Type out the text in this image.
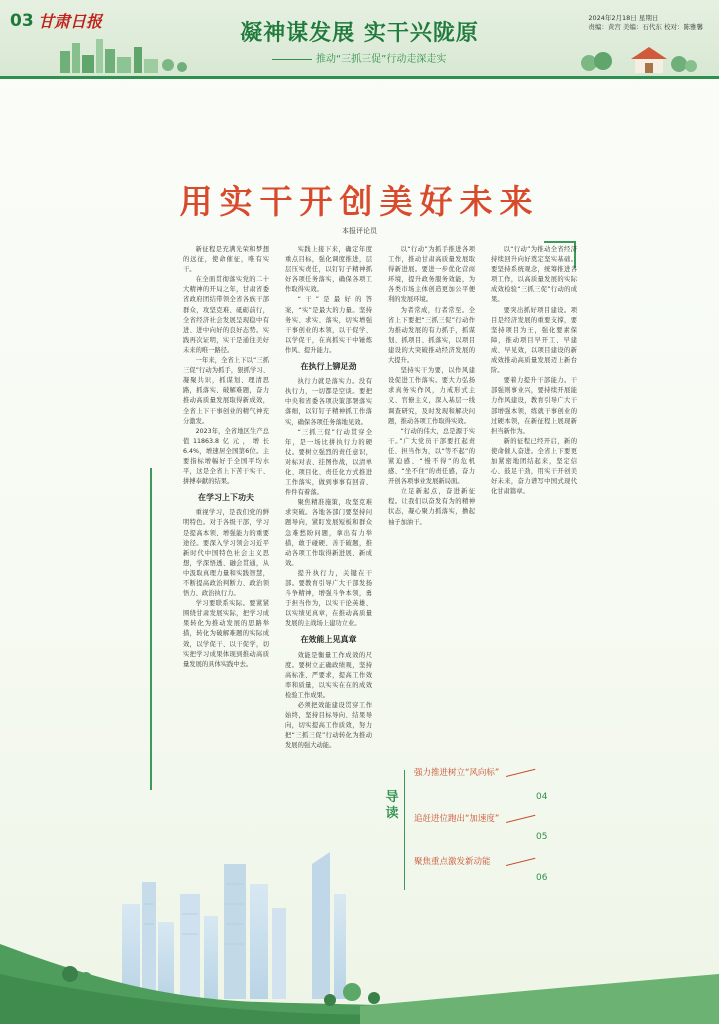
03 甘肃日报	凝神谋发展 实干兴陇原
推动“三抓三促”行动走深走实
2024年2月18日 星期日
责编：黄宫 美编：石代东 校对：陈雅馨
用实干开创美好未来
本报评论员

新征程是充满光荣和梦想的远征，使命催征，唯有实干。

在全面贯彻落实党的二十大精神的开局之年，甘肃省委省政府团结带领全省各族干部群众，攻坚克难、砥砺前行，全省经济社会发展呈现稳中有进、进中向好的良好态势。实践再次证明，实干是通往美好未来的唯一路径。

一年来，全省上下以“三抓三促”行动为抓手，狠抓学习、凝聚共识，抓谋划、理清思路，抓落实、破解难题，奋力推动高质量发展取得新成效，全省上下干事创业的精气神充分激发。

2023年，全省地区生产总值11863.8亿元，增长6.4%，增速居全国第6位。主要指标增幅好于全国平均水平，这是全省上下苦干实干、拼搏奉献的结果。

在学习上下功夫

重视学习，是我们党的鲜明特色。对于各级干部，学习是提高本领、增强能力的重要途径。要深入学习领会习近平新时代中国特色社会主义思想，学深悟透、融会贯通，从中汲取真理力量和实践智慧，不断提高政治判断力、政治领悟力、政治执行力。

学习要联系实际。要紧紧围绕甘肃发展实际，把学习成果转化为推动发展的思路举措，转化为破解难题的实际成效，以学促干、以干促学，切实把学习成果体现到推动高质量发展的具体实践中去。

实践上接下来，确定年度重点目标，强化调度推进，层层压实责任，以钉钉子精神抓好各项任务落实，确保各项工作取得实效。

“干”是最好的答案，“实”是最大的力量。坚持务实、求实、落实，切实增强干事创业的本领，以干促学、以学促干，在真抓实干中锤炼作风、提升能力。

在执行上铆足劲

执行力就是落实力。没有执行力，一切都是空谈。要把中央和省委各项决策部署落实落细，以钉钉子精神抓工作落实，确保各项任务落地见效。

“三抓三促”行动贯穿全年，是一场比拼执行力的硬仗。要树立强烈的责任意识，对标对表、挂图作战，以清单化、项目化、责任化方式推进工作落实，做到事事有回音、件件有着落。

聚焦精准施策，攻坚克难求突破。各地各部门要坚持问题导向，紧盯发展短板和群众急难愁盼问题，拿出有力举措，敢于碰硬、善于破题，推动各项工作取得新进展、新成效。

提升执行力，关键在干部。要教育引导广大干部发扬斗争精神，增强斗争本领，勇于担当作为，以实干论英雄、以实绩见真章，在推动高质量发展的主战场上建功立业。

在效能上见真章

效能是衡量工作成效的尺度。要树立正确政绩观，坚持高标准、严要求，提高工作效率和质量，以实实在在的成效检验工作成果。

必须把效能建设贯穿工作始终，坚持目标导向、结果导向，切实提高工作质效，努力把“三抓三促”行动转化为推动发展的强大动能。

以“行动”为抓手推进各项工作，推动甘肃高质量发展取得新进展。要进一步优化营商环境，提升政务服务效能，为各类市场主体创造更加公平便利的发展环境。

为者常成，行者常至。全省上下要把“三抓三促”行动作为推动发展的有力抓手，抓谋划、抓项目、抓落实，以项目建设的大突破推动经济发展的大提升。

坚持实干为要，以作风建设促进工作落实。要大力弘扬求真务实作风，力戒形式主义、官僚主义，深入基层一线调查研究，及时发现和解决问题，推动各项工作取得实效。

“行动的伟大，总是源于实干。”广大党员干部要扛起责任、担当作为，以“等不起”的紧迫感、“慢不得”的危机感、“坐不住”的责任感，奋力开创各项事业发展新局面。

立足新起点，奋进新征程。让我们以奋发有为的精神状态，凝心聚力抓落实，撸起袖子加油干。

以“行动”为推动全省经济持续回升向好奠定坚实基础。要坚持系统观念，统筹推进各项工作，以高质量发展的实际成效检验“三抓三促”行动的成果。

要突出抓好项目建设。项目是经济发展的重要支撑，要坚持项目为王，强化要素保障，推动项目早开工、早建成、早见效，以项目建设的新成效推动高质量发展迈上新台阶。

要着力提升干部能力。干部强则事业兴，要持续开展能力作风建设，教育引导广大干部增强本领，练就干事创业的过硬本领，在新征程上展现新担当新作为。

新的征程已经开启，新的使命催人奋进。全省上下要更加紧密地团结起来，坚定信心、鼓足干劲，用实干开创美好未来，奋力谱写中国式现代化甘肃篇章。

导读
强力推进树立“风向标”
04
追赶进位跑出“加速度”
05
聚焦重点激发新动能
06
